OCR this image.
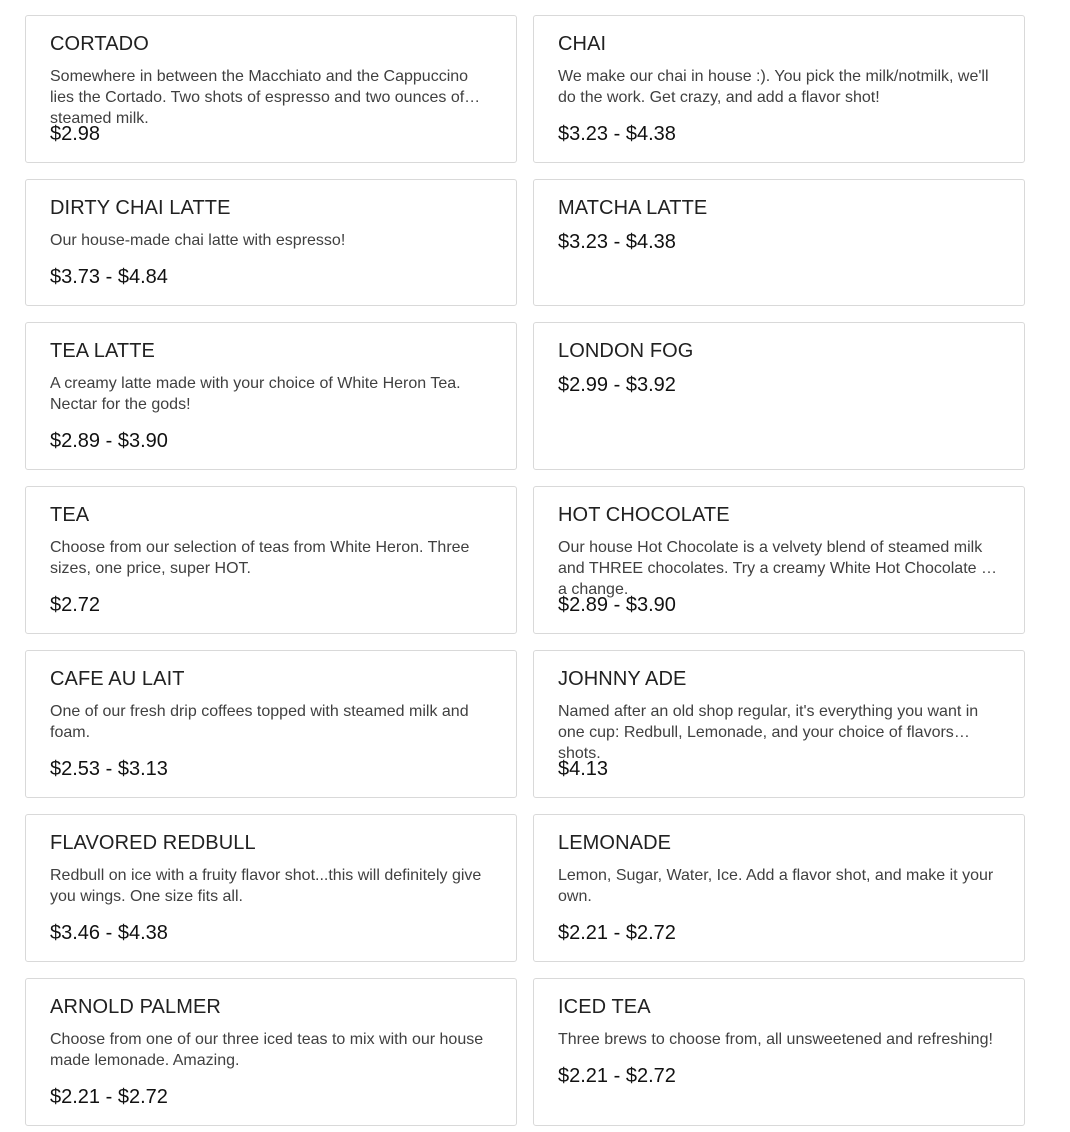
CORTADO
Somewhere in between the Macchiato and the Cappuccino lies the Cortado. Two shots of espresso and two ounces of steamed milk.
$2.98
CHAI
We make our chai in house :). You pick the milk/notmilk, we'll do the work. Get crazy, and add a flavor shot!
$3.23 - $4.38
DIRTY CHAI LATTE
Our house-made chai latte with espresso!
$3.73 - $4.84
MATCHA LATTE
$3.23 - $4.38
TEA LATTE
A creamy latte made with your choice of White Heron Tea. Nectar for the gods!
$2.89 - $3.90
LONDON FOG
$2.99 - $3.92
TEA
Choose from our selection of teas from White Heron. Three sizes, one price, super HOT.
$2.72
HOT CHOCOLATE
Our house Hot Chocolate is a velvety blend of steamed milk and THREE chocolates. Try a creamy White Hot Chocolate for a change.
$2.89 - $3.90
CAFE AU LAIT
One of our fresh drip coffees topped with steamed milk and foam.
$2.53 - $3.13
JOHNNY ADE
Named after an old shop regular, it's everything you want in one cup: Redbull, Lemonade, and your choice of flavors shots.
$4.13
FLAVORED REDBULL
Redbull on ice with a fruity flavor shot...this will definitely give you wings. One size fits all.
$3.46 - $4.38
LEMONADE
Lemon, Sugar, Water, Ice. Add a flavor shot, and make it your own.
$2.21 - $2.72
ARNOLD PALMER
Choose from one of our three iced teas to mix with our house made lemonade. Amazing.
$2.21 - $2.72
ICED TEA
Three brews to choose from, all unsweetened and refreshing!
$2.21 - $2.72
